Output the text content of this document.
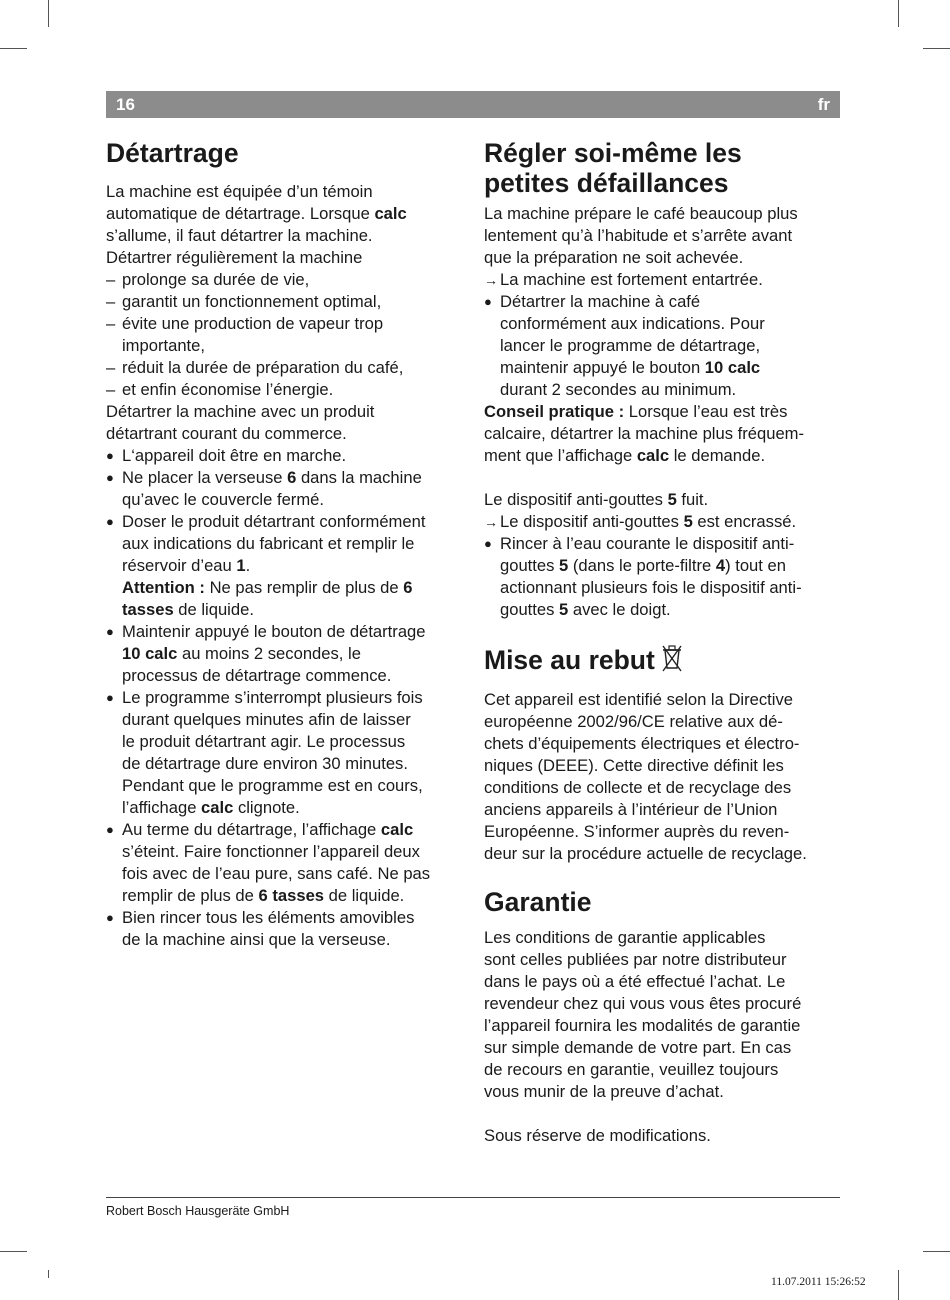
16	fr
Détartrage
La machine est équipée d’un témoin
automatique de détartrage. Lorsque calc
s’allume, il faut détartrer la machine.
Détartrer régulièrement la machine
– prolonge sa durée de vie,
– garantit un fonctionnement optimal,
– évite une production de vapeur trop
importante,
– réduit la durée de préparation du café,
– et enfin économise l’énergie.
Détartrer la machine avec un produit
détartrant courant du commerce.
● L‘appareil doit être en marche.
● Ne placer la verseuse 6 dans la machine
qu’avec le couvercle fermé.
● Doser le produit détartrant conformément
aux indications du fabricant et remplir le
réservoir d’eau 1.
Attention : Ne pas remplir de plus de 6
tasses de liquide.
● Maintenir appuyé le bouton de détartrage
10 calc au moins 2 secondes, le
processus de détartrage commence.
● Le programme s’interrompt plusieurs fois
durant quelques minutes afin de laisser
le produit détartrant agir. Le processus
de détartrage dure environ 30 minutes.
Pendant que le programme est en cours,
l’affichage calc clignote.
● Au terme du détartrage, l’affichage calc
s’éteint. Faire fonctionner l’appareil deux
fois avec de l’eau pure, sans café. Ne pas
remplir de plus de 6 tasses de liquide.
● Bien rincer tous les éléments amovibles
de la machine ainsi que la verseuse.
Régler soi-même les
petites défaillances
La machine prépare le café beaucoup plus
lentement qu’à l’habitude et s’arrête avant
que la préparation ne soit achevée.
→ La machine est fortement entartrée.
● Détartrer la machine à café
conformément aux indications. Pour
lancer le programme de détartrage,
maintenir appuyé le bouton 10 calc
durant 2 secondes au minimum.
Conseil pratique : Lorsque l’eau est très
calcaire, détartrer la machine plus fréquem-
ment que l’affichage calc le demande.
Le dispositif anti-gouttes 5 fuit.
→ Le dispositif anti-gouttes 5 est encrassé.
● Rincer à l’eau courante le dispositif anti-
gouttes 5 (dans le porte-filtre 4) tout en
actionnant plusieurs fois le dispositif anti-
gouttes 5 avec le doigt.
Mise au rebut
Cet appareil est identifié selon la Directive
européenne 2002/96/CE relative aux dé-
chets d’équipements électriques et électro-
niques (DEEE). Cette directive définit les
conditions de collecte et de recyclage des
anciens appareils à l’intérieur de l’Union
Européenne. S’informer auprès du reven-
deur sur la procédure actuelle de recyclage.
Garantie
Les conditions de garantie applicables
sont celles publiées par notre distributeur
dans le pays où a été effectué l’achat. Le
revendeur chez qui vous vous êtes procuré
l’appareil fournira les modalités de garantie
sur simple demande de votre part. En cas
de recours en garantie, veuillez toujours
vous munir de la preuve d’achat.
Sous réserve de modifications.
Robert Bosch Hausgeräte GmbH
11.07.2011 15:26:52
